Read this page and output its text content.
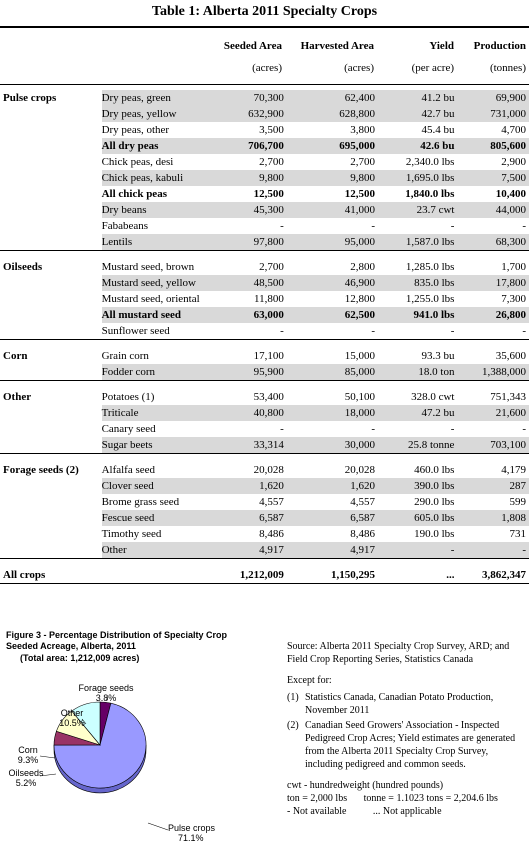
Table 1: Alberta 2011 Specialty Crops
Seeded Area	Harvested Area	Yield	Production
(acres)	(acres)	(per acre)	(tonnes)
Pulse crops	Dry peas, green	70,300	62,400	41.2 bu	69,900
	Dry peas, yellow	632,900	628,800	42.7 bu	731,000
	Dry peas, other	3,500	3,800	45.4 bu	4,700
	All dry peas	706,700	695,000	42.6 bu	805,600
	Chick peas, desi	2,700	2,700	2,340.0 lbs	2,900
	Chick peas, kabuli	9,800	9,800	1,695.0 lbs	7,500
	All chick peas	12,500	12,500	1,840.0 lbs	10,400
	Dry beans	45,300	41,000	23.7 cwt	44,000
	Fababeans	-	-	-	-
	Lentils	97,800	95,000	1,587.0 lbs	68,300

Oilseeds	Mustard seed, brown	2,700	2,800	1,285.0 lbs	1,700
	Mustard seed, yellow	48,500	46,900	835.0 lbs	17,800
	Mustard seed, oriental	11,800	12,800	1,255.0 lbs	7,300
	All mustard seed	63,000	62,500	941.0 lbs	26,800
	Sunflower seed	-	-	-	-

Corn	Grain corn	17,100	15,000	93.3 bu	35,600
	Fodder corn	95,900	85,000	18.0 ton	1,388,000

Other	Potatoes (1)	53,400	50,100	328.0 cwt	751,343
	Triticale	40,800	18,000	47.2 bu	21,600
	Canary seed	-	-	-	-
	Sugar beets	33,314	30,000	25.8 tonne	703,100

Forage seeds (2)	Alfalfa seed	20,028	20,028	460.0 lbs	4,179
	Clover seed	1,620	1,620	390.0 lbs	287
	Brome grass seed	4,557	4,557	290.0 lbs	599
	Fescue seed	6,587	6,587	605.0 lbs	1,808
	Timothy seed	8,486	8,486	190.0 lbs	731
	Other	4,917	4,917	-	-

All crops		1,212,009	1,150,295	...	3,862,347
Figure 3 - Percentage Distribution of Specialty Crop Seeded Acreage, Alberta, 2011
(Total area: 1,212,009 acres)
Pulse crops
71.1%
Oilseeds
5.2%
Corn
9.3%
Other
10.5%
Forage seeds
3.8%

Source: Alberta 2011 Specialty Crop Survey, ARD; and Field Crop Reporting Series, Statistics Canada

Except for:

(1) Statistics Canada, Canadian Potato Production, November 2011
(2) Canadian Seed Growers' Association - Inspected Pedigreed Crop Acres; Yield estimates are generated from the Alberta 2011 Specialty Crop Survey, including pedigreed and common seeds.

cwt - hundredweight (hundred pounds)

ton = 2,000 lbs tonne = 1.1023 tons = 2,204.6 lbs

- Not available	... Not applicable
